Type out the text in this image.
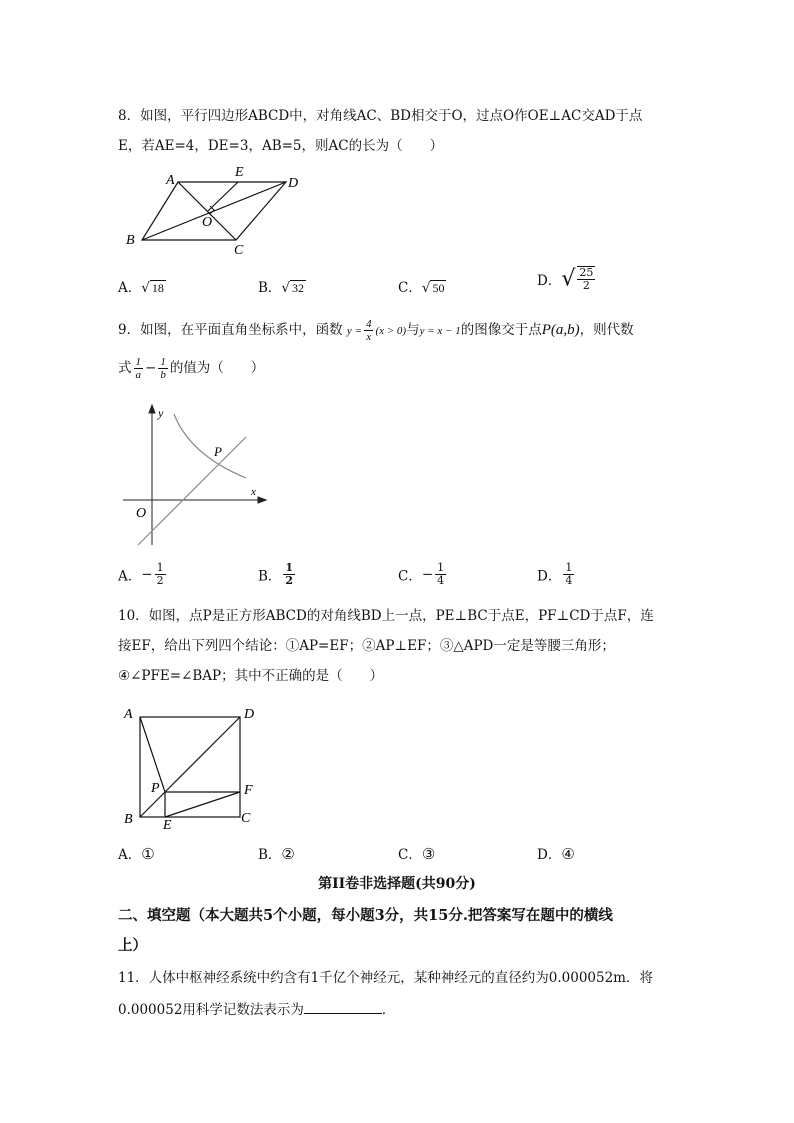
8．如图，平行四边形ABCD中，对角线AC、BD相交于O，过点O作OE⊥AC交AD于点
E，若AE=4，DE=3，AB=5，则AC的长为（　　）
A
E
D
O
B
C
A．√ 18	B．√ 32	C．√ 50	D．√ $\frac{25}{2}$
9．如图，在平面直角坐标系中，函数 $y = \frac{4}{x} (x > 0)$与y = x − 1的图像交于点P(a,b)，则代数
式 $\frac{1}{a} - \frac{1}{b}$ 的值为（　　）
y
P
x
O
A．− $\frac{1}{2}$	B． $\frac{1}{2}$	C．− $\frac{1}{4}$	D． $\frac{1}{4}$
10．如图，点P是正方形ABCD的对角线BD上一点，PE⊥BC于点E，PF⊥CD于点F，连
接EF，给出下列四个结论：①AP=EF；②AP⊥EF；③△APD一定是等腰三角形；
④∠PFE=∠BAP；其中不正确的是（　　）
A	D
P	F
B E	C
A．①	B．②	C．③	D．④
第II卷非选择题(共90分)
二、填空题（本大题共5个小题，每小题3分，共15分.把答案写在题中的横线
上）
11．人体中枢神经系统中约含有1千亿个神经元，某种神经元的直径约为0.000052m．将
0.000052用科学记数法表示为	．
